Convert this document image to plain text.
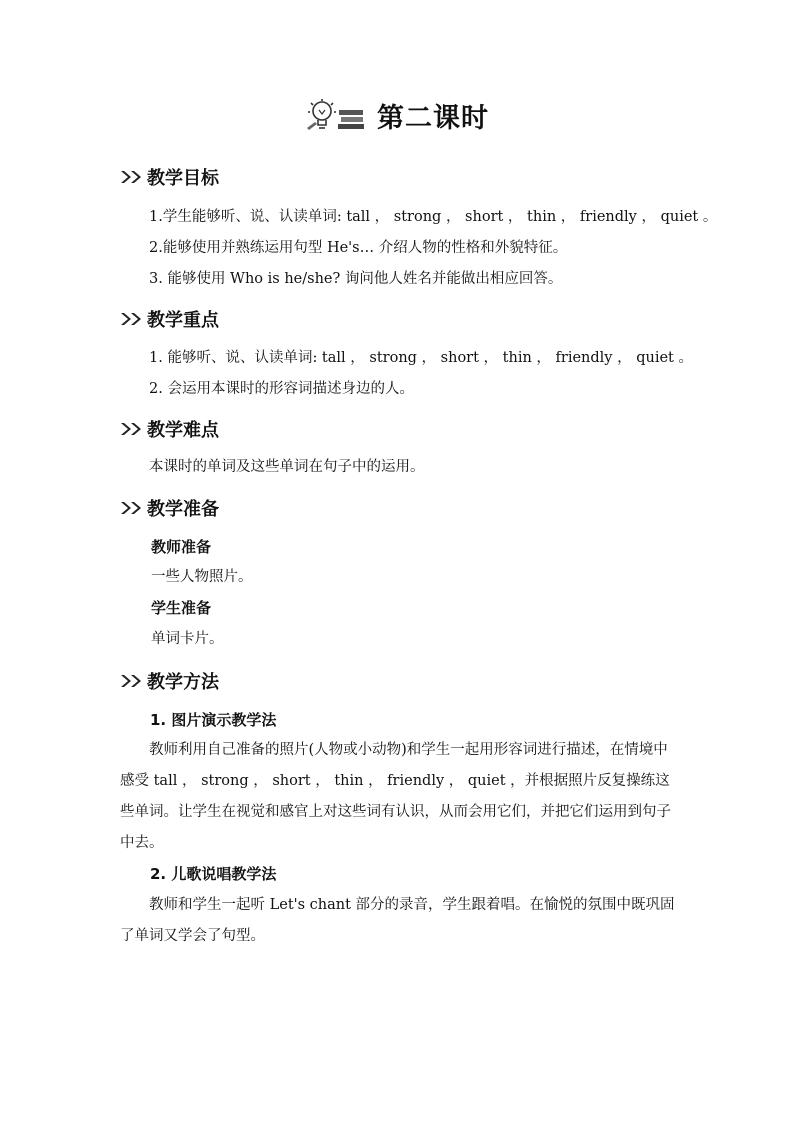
第二课时
教学目标
1.学生能够听、说、认读单词: tall ， strong ， short ， thin ， friendly ， quiet 。
2.能够使用并熟练运用句型 He's… 介绍人物的性格和外貌特征。
3. 能够使用 Who is he/she? 询问他人姓名并能做出相应回答。
教学重点
1. 能够听、说、认读单词: tall ， strong ， short ， thin ， friendly ， quiet 。
2. 会运用本课时的形容词描述身边的人。
教学难点
本课时的单词及这些单词在句子中的运用。
教学准备
教师准备
一些人物照片。
学生准备
单词卡片。
教学方法
1. 图片演示教学法
教师利用自己准备的照片(人物或小动物)和学生一起用形容词进行描述，在情境中感受 tall ， strong ， short ， thin ， friendly ， quiet ，并根据照片反复操练这些单词。让学生在视觉和感官上对这些词有认识，从而会用它们，并把它们运用到句子中去。
2. 儿歌说唱教学法
教师和学生一起听 Let's chant 部分的录音，学生跟着唱。在愉悦的氛围中既巩固了单词又学会了句型。
